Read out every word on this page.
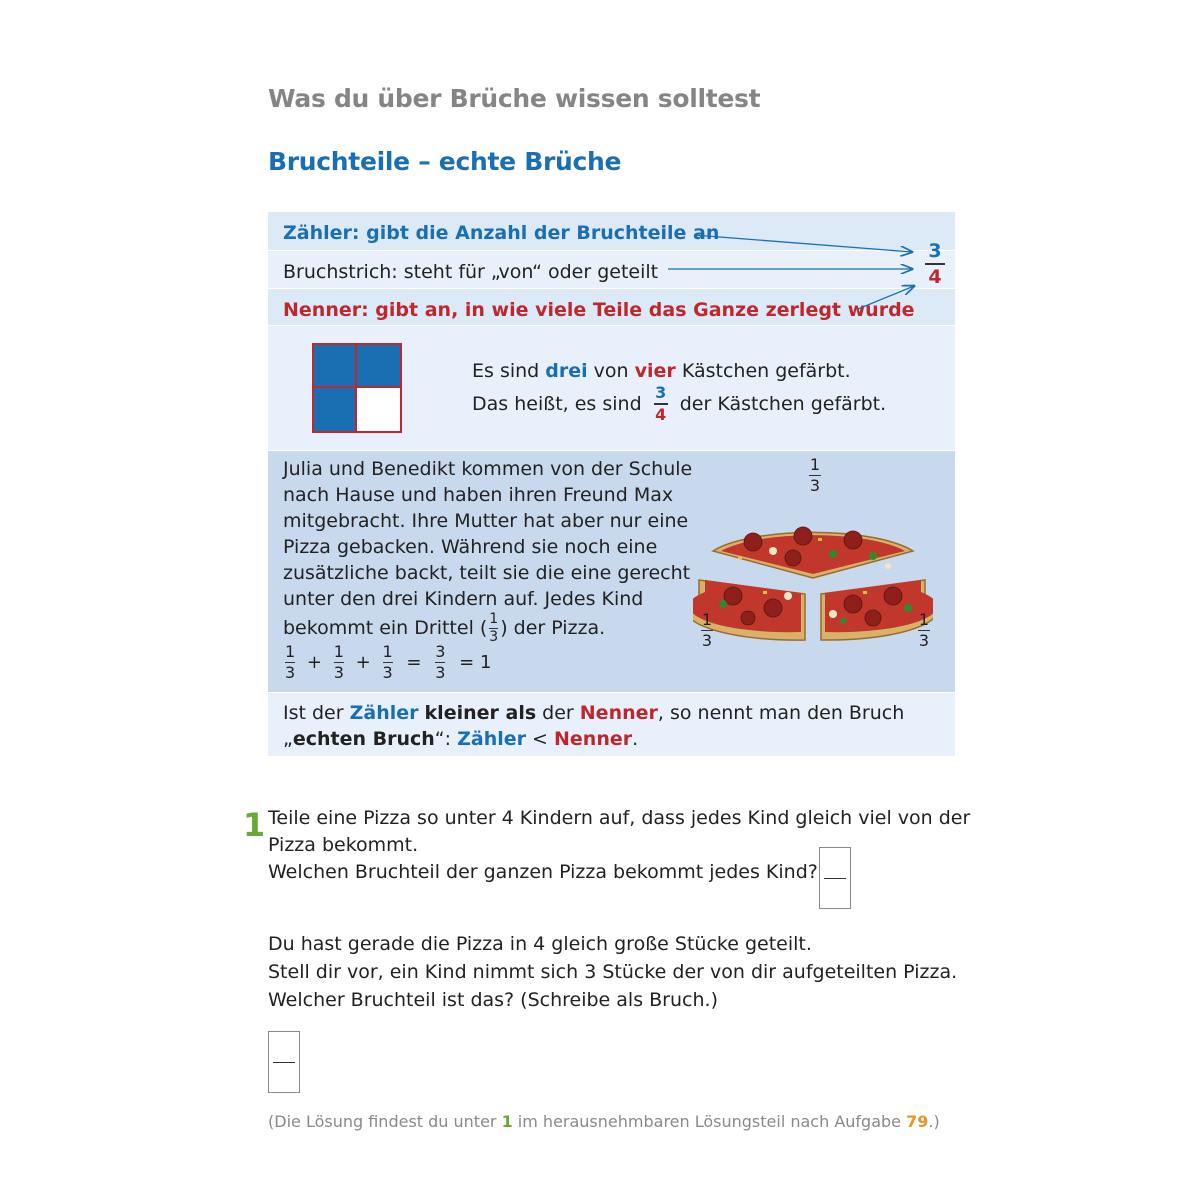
Was du über Brüche wissen solltest
Bruchteile – echte Brüche
Zähler: gibt die Anzahl der Bruchteile an
Bruchstrich: steht für „von“ oder geteilt
Nenner: gibt an, in wie viele Teile das Ganze zerlegt wurde
3
4
Es sind drei von vier Kästchen gefärbt.
Das heißt, es sind $\frac{3}{4}$ der Kästchen gefärbt.
Julia und Benedikt kommen von der Schule
nach Hause und haben ihren Freund Max
mitgebracht. Ihre Mutter hat aber nur eine
Pizza gebacken. Während sie noch eine
zusätzliche backt, teilt sie die eine gerecht
unter den drei Kindern auf. Jedes Kind
bekommt ein Drittel ( $\frac{1}{3}$ ) der Pizza.
$\frac{1}{3} + \frac{1}{3} + \frac{1}{3} = \frac{3}{3} = 1$
1
3
1
3
1
3
Ist der Zähler kleiner als der Nenner, so nennt man den Bruch
„echten Bruch“: Zähler < Nenner.
1 Teile eine Pizza so unter 4 Kindern auf, dass jedes Kind gleich viel von der
Pizza bekommt.
Welchen Bruchteil der ganzen Pizza bekommt jedes Kind?
Du hast gerade die Pizza in 4 gleich große Stücke geteilt.
Stell dir vor, ein Kind nimmt sich 3 Stücke der von dir aufgeteilten Pizza.
Welcher Bruchteil ist das? (Schreibe als Bruch.)
(Die Lösung findest du unter 1 im herausnehmbaren Lösungsteil nach Aufgabe 79.)
